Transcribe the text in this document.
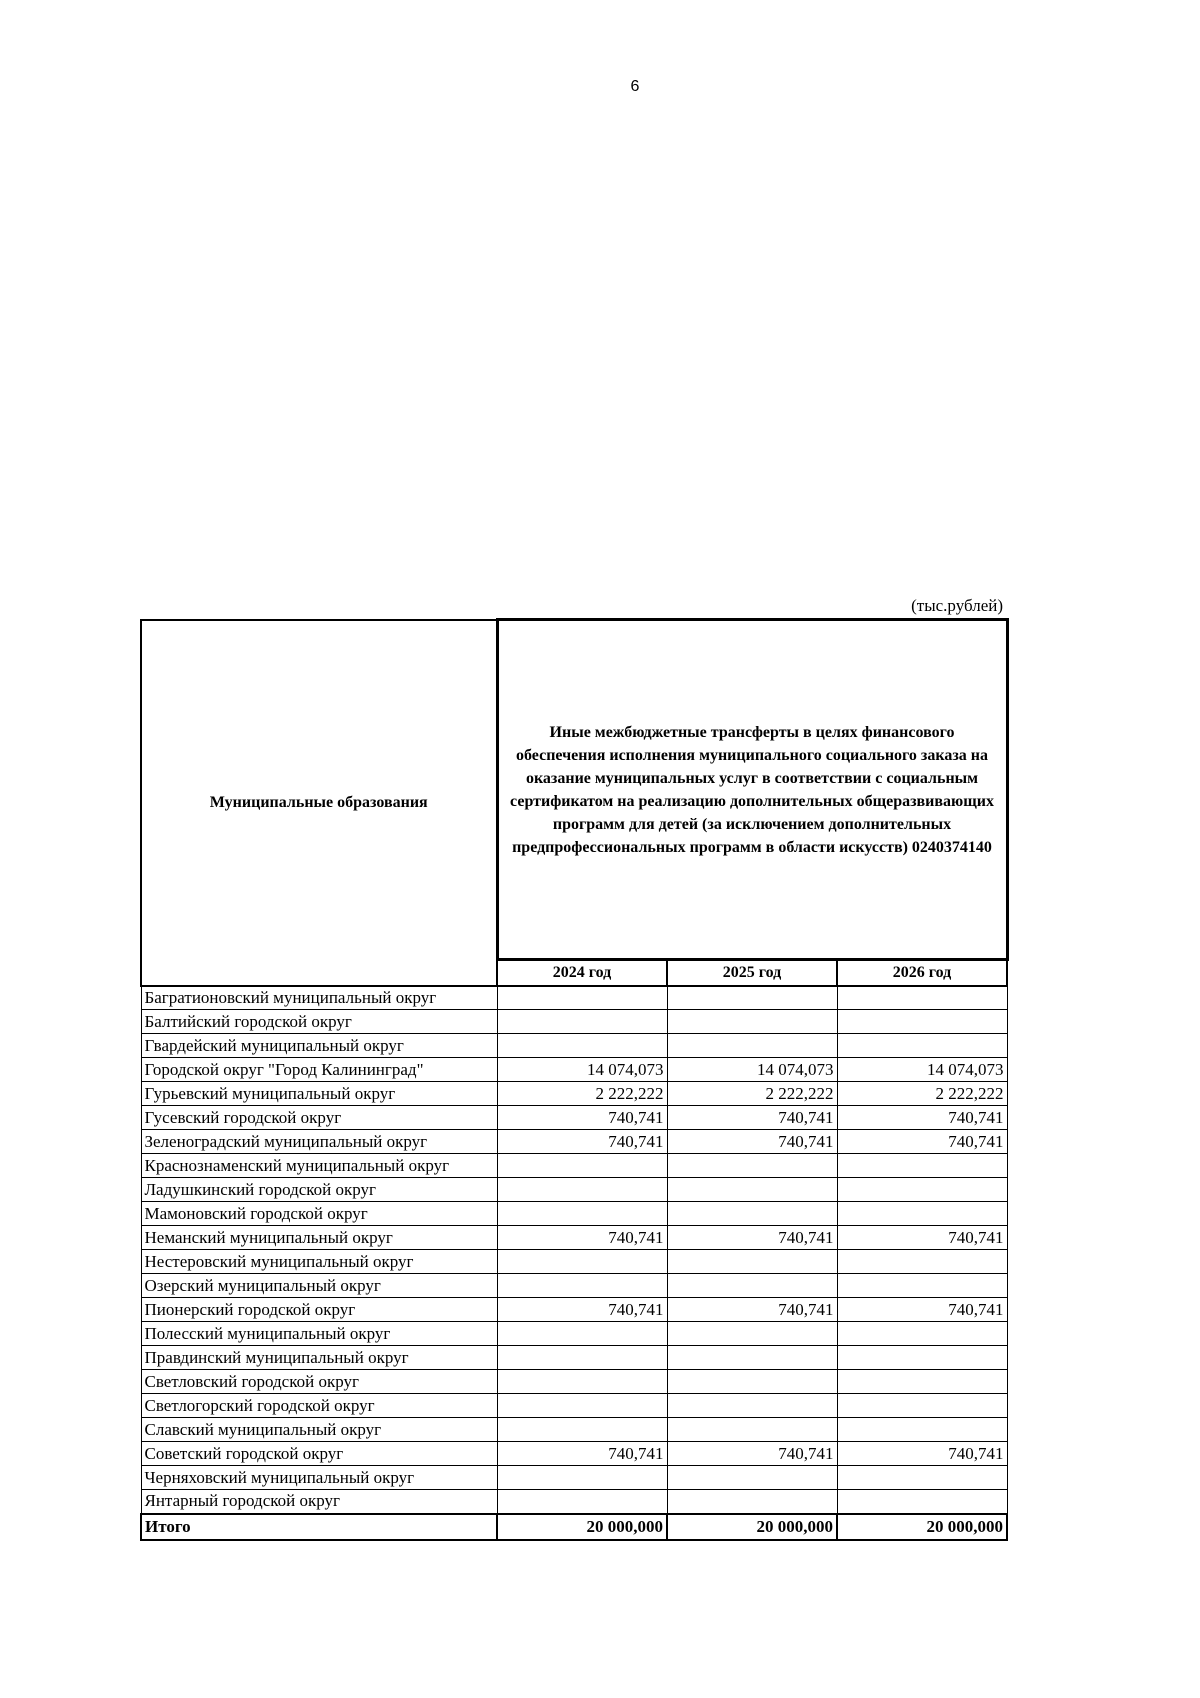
6
(тыс.рублей)
Муниципальные образования	Иные межбюджетные трансферты в целях финансового обеспечения исполнения муниципального социального заказа на оказание муниципальных услуг в соответствии с социальным сертификатом на реализацию дополнительных общеразвивающих программ для детей (за исключением дополнительных предпрофессиональных программ в области искусств) 0240374140		
	2024 год	2025 год	2026 год
Багратионовский муниципальный округ			
Балтийский городской округ			
Гвардейский муниципальный округ			
Городской округ "Город Калининград"	14 074,073	14 074,073	14 074,073
Гурьевский муниципальный округ	2 222,222	2 222,222	2 222,222
Гусевский городской округ	740,741	740,741	740,741
Зеленоградский муниципальный округ	740,741	740,741	740,741
Краснознаменский муниципальный округ			
Ладушкинский городской округ			
Мамоновский городской округ			
Неманский муниципальный округ	740,741	740,741	740,741
Нестеровский муниципальный округ			
Озерский муниципальный округ			
Пионерский городской округ	740,741	740,741	740,741
Полесский муниципальный округ			
Правдинский муниципальный округ			
Светловский городской округ			
Светлогорский городской округ			
Славский муниципальный округ			
Советский городской округ	740,741	740,741	740,741
Черняховский муниципальный округ			
Янтарный городской округ			
Итого	20 000,000	20 000,000	20 000,000
